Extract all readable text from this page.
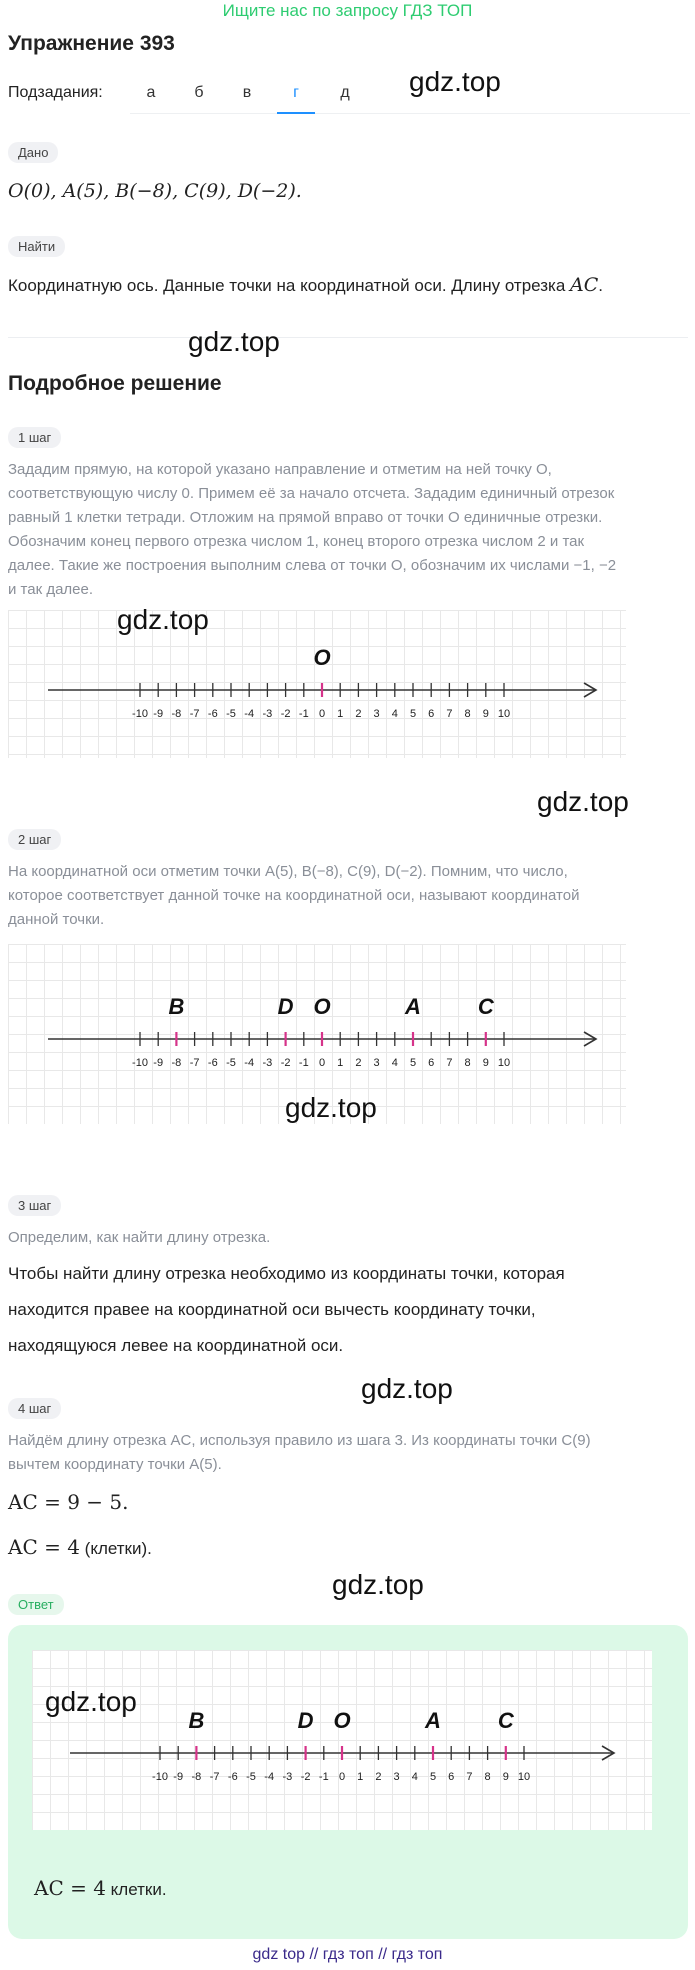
Ищите нас по запросу ГДЗ ТОП
Упражнение 393
Подзадания:	а	б	в	г	д	gdz.top
Дано
O(0), A(5), B(−8), C(9), D(−2).
Найти
Координатную ось. Данные точки на координатной оси. Длину отрезка AC.
gdz.top
Подробное решение
1 шаг
Зададим прямую, на которой указано направление и отметим на ней точку O,
соответствующую числу 0. Примем её за начало отсчета. Зададим единичный отрезок
равный 1 клетки тетради. Отложим на прямой вправо от точки O единичные отрезки.
Обозначим конец первого отрезка числом 1, конец второго отрезка числом 2 и так
далее. Такие же построения выполним слева от точки O, обозначим их числами −1, −2
и так далее.
-10 -9 -8 -7 -6 -5 -4 -3 -2 -1 0 1 2 3 4 5 6 7 8 9 10
O
gdz.top
gdz.top
2 шаг
На координатной оси отметим точки A(5), B(−8), C(9), D(−2). Помним, что число,
которое соответствует данной точке на координатной оси, называют координатой
данной точки.
-10 -9 -8 -7 -6 -5 -4 -3 -2 -1 0 1 2 3 4 5 6 7 8 9 10
B	D O	A	C
gdz.top
3 шаг
Определим, как найти длину отрезка.
Чтобы найти длину отрезка необходимо из координаты точки, которая
находится правее на координатной оси вычесть координату точки,
находящуюся левее на координатной оси.
gdz.top
4 шаг
Найдём длину отрезка AC, используя правило из шага 3. Из координаты точки C(9)
вычтем координату точки A(5).
AC = 9 − 5.
AC = 4 (клетки).
gdz.top
Ответ
-10 -9 -8 -7 -6 -5 -4 -3 -2 -1 0 1 2 3 4 5 6 7 8 9 10
B	D O	A	C
gdz.top
AC = 4 клетки.
gdz top // гдз топ // гдз топ
